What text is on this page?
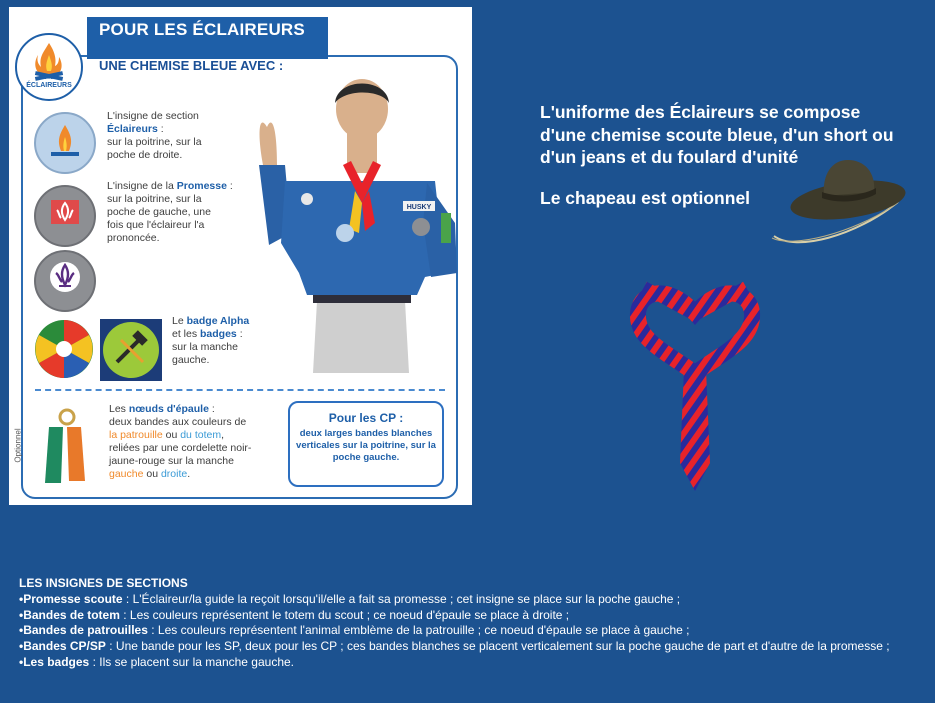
POUR LES ÉCLAIREURS
UNE CHEMISE BLEUE AVEC :
Scouts
ÉCLAIREURS
L'insigne de section
Éclaireurs :
sur la poitrine, sur la
poche de droite.
L'insigne de la Promesse :
sur la poitrine, sur la
poche de gauche, une
fois que l'éclaireur l'a
prononcée.
Le badge Alpha
et les badges :
sur la manche
gauche.
HUSKY
Optionnel
Les nœuds d'épaule :
deux bandes aux couleurs de
la patrouille ou du totem,
reliées par une cordelette noir-
jaune-rouge sur la manche
gauche ou droite.
Pour les CP :
deux larges bandes blanches verticales sur la poitrine, sur la poche gauche.
L'uniforme des Éclaireurs se compose d'une chemise scoute bleue, d'un short ou d'un jeans et du foulard d'unité
Le chapeau est optionnel
LES INSIGNES DE SECTIONS
•Promesse scoute : L'Éclaireur/la guide la reçoit lorsqu'il/elle a fait sa promesse ; cet insigne se place sur la poche gauche ;
•Bandes de totem : Les couleurs représentent le totem du scout ; ce noeud d'épaule se place à droite ;
•Bandes de patrouilles : Les couleurs représentent l'animal emblème de la patrouille ; ce noeud d'épaule se place à gauche ;
•Bandes CP/SP : Une bande pour les SP, deux pour les CP ; ces bandes blanches se placent verticalement sur la poche gauche de part et d'autre de la promesse ;
•Les badges : Ils se placent sur la manche gauche.
